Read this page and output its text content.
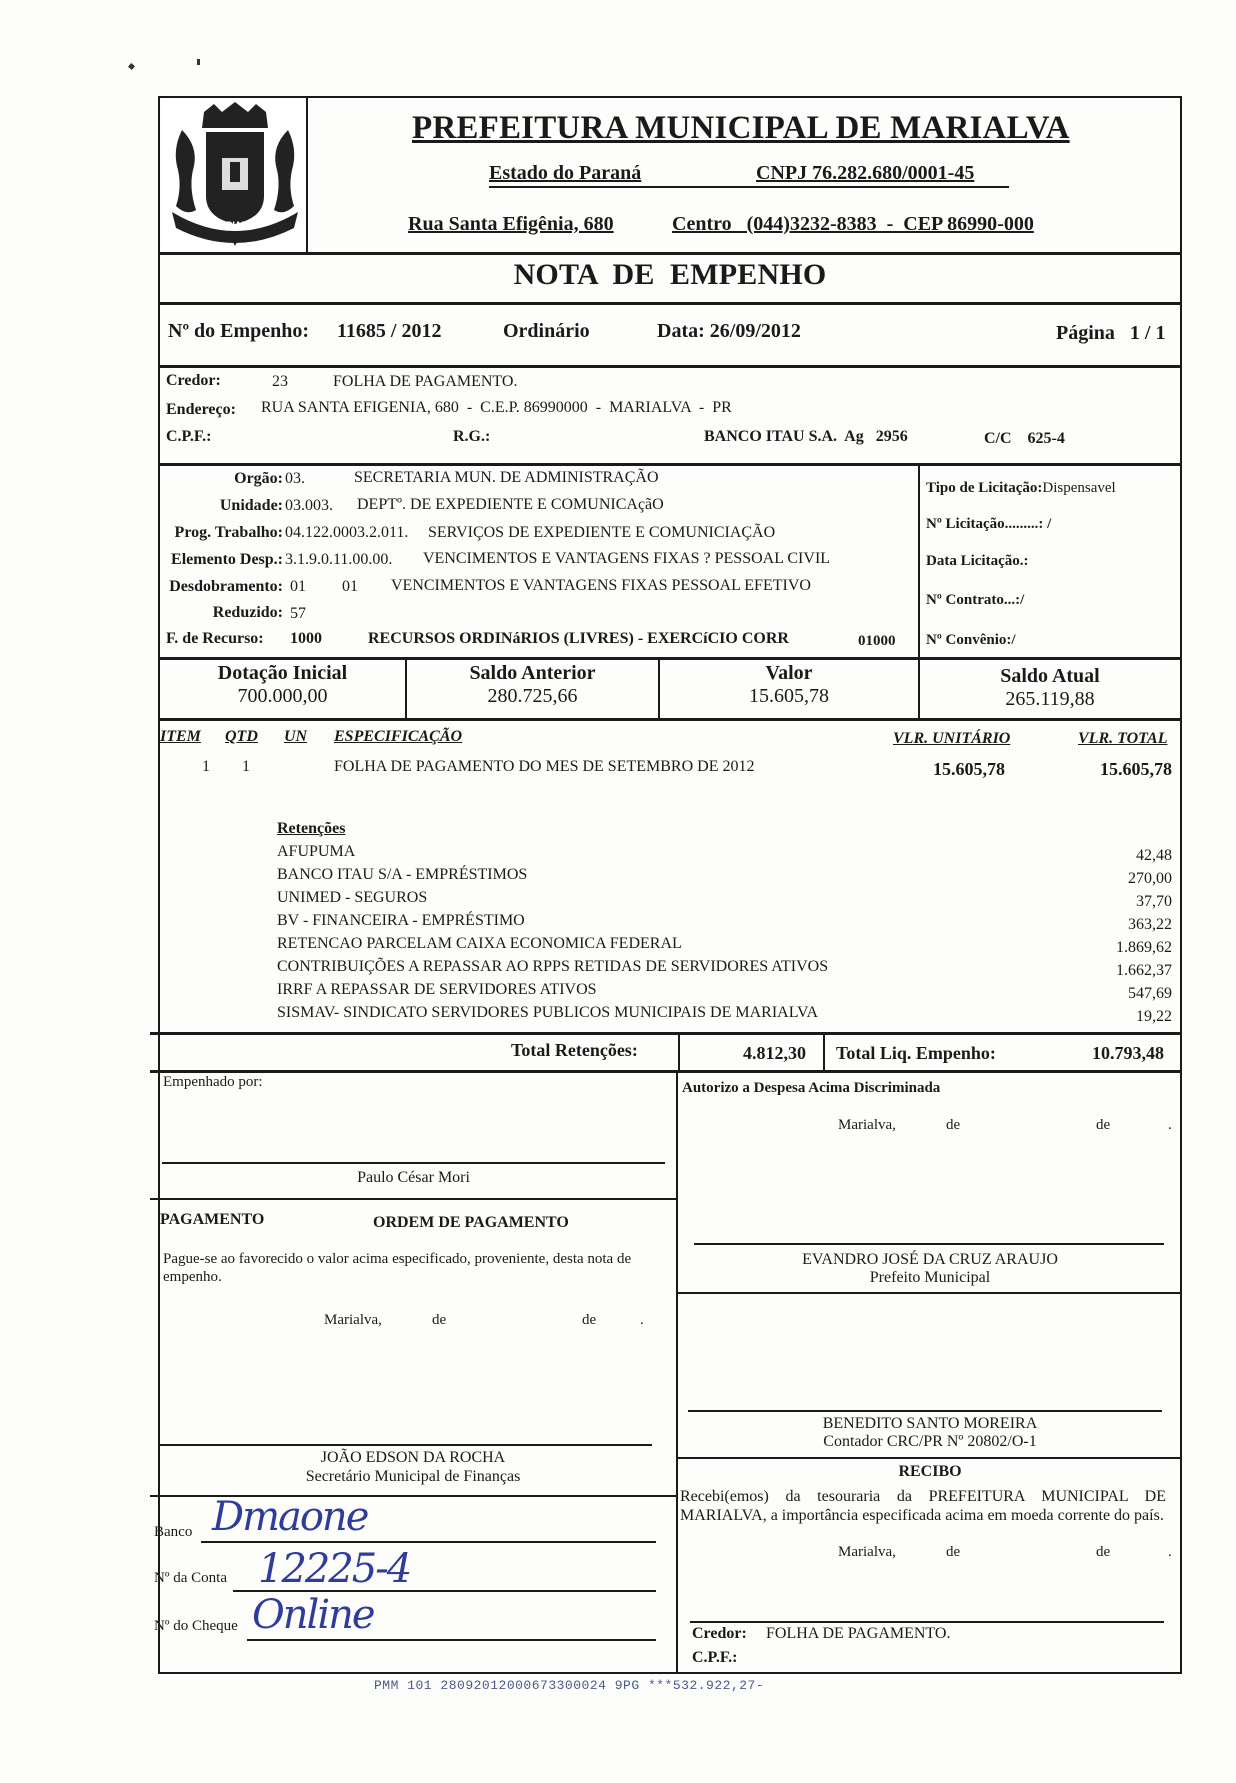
MARIALVA
PREFEITURA MUNICIPAL DE MARIALVA
Estado do Paraná	CNPJ 76.282.680/0001-45
Rua Santa Efigênia, 680	Centro   (044)3232-8383  -  CEP 86990-000
NOTA  DE  EMPENHO
Nº do Empenho: 11685 / 2012	Ordinário	Data: 26/09/2012	Página   1 / 1
Credor:	23	FOLHA DE PAGAMENTO.
Endereço: RUA SANTA EFIGENIA, 680  -  C.E.P. 86990000  -  MARIALVA  -  PR
C.P.F.:	R.G.:	BANCO ITAU S.A.  Ag   2956	C/C    625-4
Orgão: 03.	SECRETARIA MUN. DE ADMINISTRAÇÃO
Unidade: 03.003. DEPTº. DE EXPEDIENTE E COMUNICAçãO
Prog. Trabalho: 04.122.0003.2.011. SERVIÇOS DE EXPEDIENTE E COMUNICIAÇÃO
Elemento Desp.: 3.1.9.0.11.00.00. VENCIMENTOS E VANTAGENS FIXAS ? PESSOAL CIVIL
Desdobramento: 01 01 VENCIMENTOS E VANTAGENS FIXAS PESSOAL EFETIVO
Reduzido: 57
F. de Recurso: 1000	RECURSOS ORDINáRIOS (LIVRES) - EXERCíCIO CORR	01000
Tipo de Licitação:Dispensavel
Nº Licitação.........: /
Data Licitação.:
Nº Contrato...:/
Nº Convênio:/
Dotação Inicial
700.000,00
Saldo Anterior
280.725,66
Valor
15.605,78
Saldo Atual
265.119,88
ITEM QTD UN ESPECIFICAÇÃO	VLR. UNITÁRIO	VLR. TOTAL
1 1	FOLHA DE PAGAMENTO DO MES DE SETEMBRO DE 2012	15.605,78	15.605,78
Retenções
AFUPUMA	42,48
BANCO ITAU S/A - EMPRÉSTIMOS	270,00
UNIMED - SEGUROS	37,70
BV - FINANCEIRA - EMPRÉSTIMO	363,22
RETENCAO PARCELAM CAIXA ECONOMICA FEDERAL	1.869,62
CONTRIBUIÇÕES A REPASSAR AO RPPS RETIDAS DE SERVIDORES ATIVOS	1.662,37
IRRF A REPASSAR DE SERVIDORES ATIVOS	547,69
SISMAV- SINDICATO SERVIDORES PUBLICOS MUNICIPAIS DE MARIALVA	19,22
Total Retenções:	4.812,30 Total Liq. Empenho:	10.793,48
Empenhado por:
Paulo César Mori
Autorizo a Despesa Acima Discriminada
Marialva,	de	de	.
EVANDRO JOSÉ DA CRUZ ARAUJO
Prefeito Municipal
PAGAMENTO	ORDEM DE PAGAMENTO
Pague-se ao favorecido o valor acima especificado, proveniente, desta nota de empenho.
Marialva,	de	de	.
JOÃO EDSON DA ROCHA
Secretário Municipal de Finanças
BENEDITO SANTO MOREIRA
Contador CRC/PR Nº 20802/O-1
RECIBO
Recebi(emos) da tesouraria da PREFEITURA MUNICIPAL DE MARIALVA, a importância especificada acima em moeda corrente do país.
Marialva,	de	de	.
Credor: FOLHA DE PAGAMENTO.
C.P.F.:
Banco Dmaone
Nº da Conta 12225-4
Nº do Cheque Online
PMM 101 28092012000673300024 9PG ***532.922,27-
